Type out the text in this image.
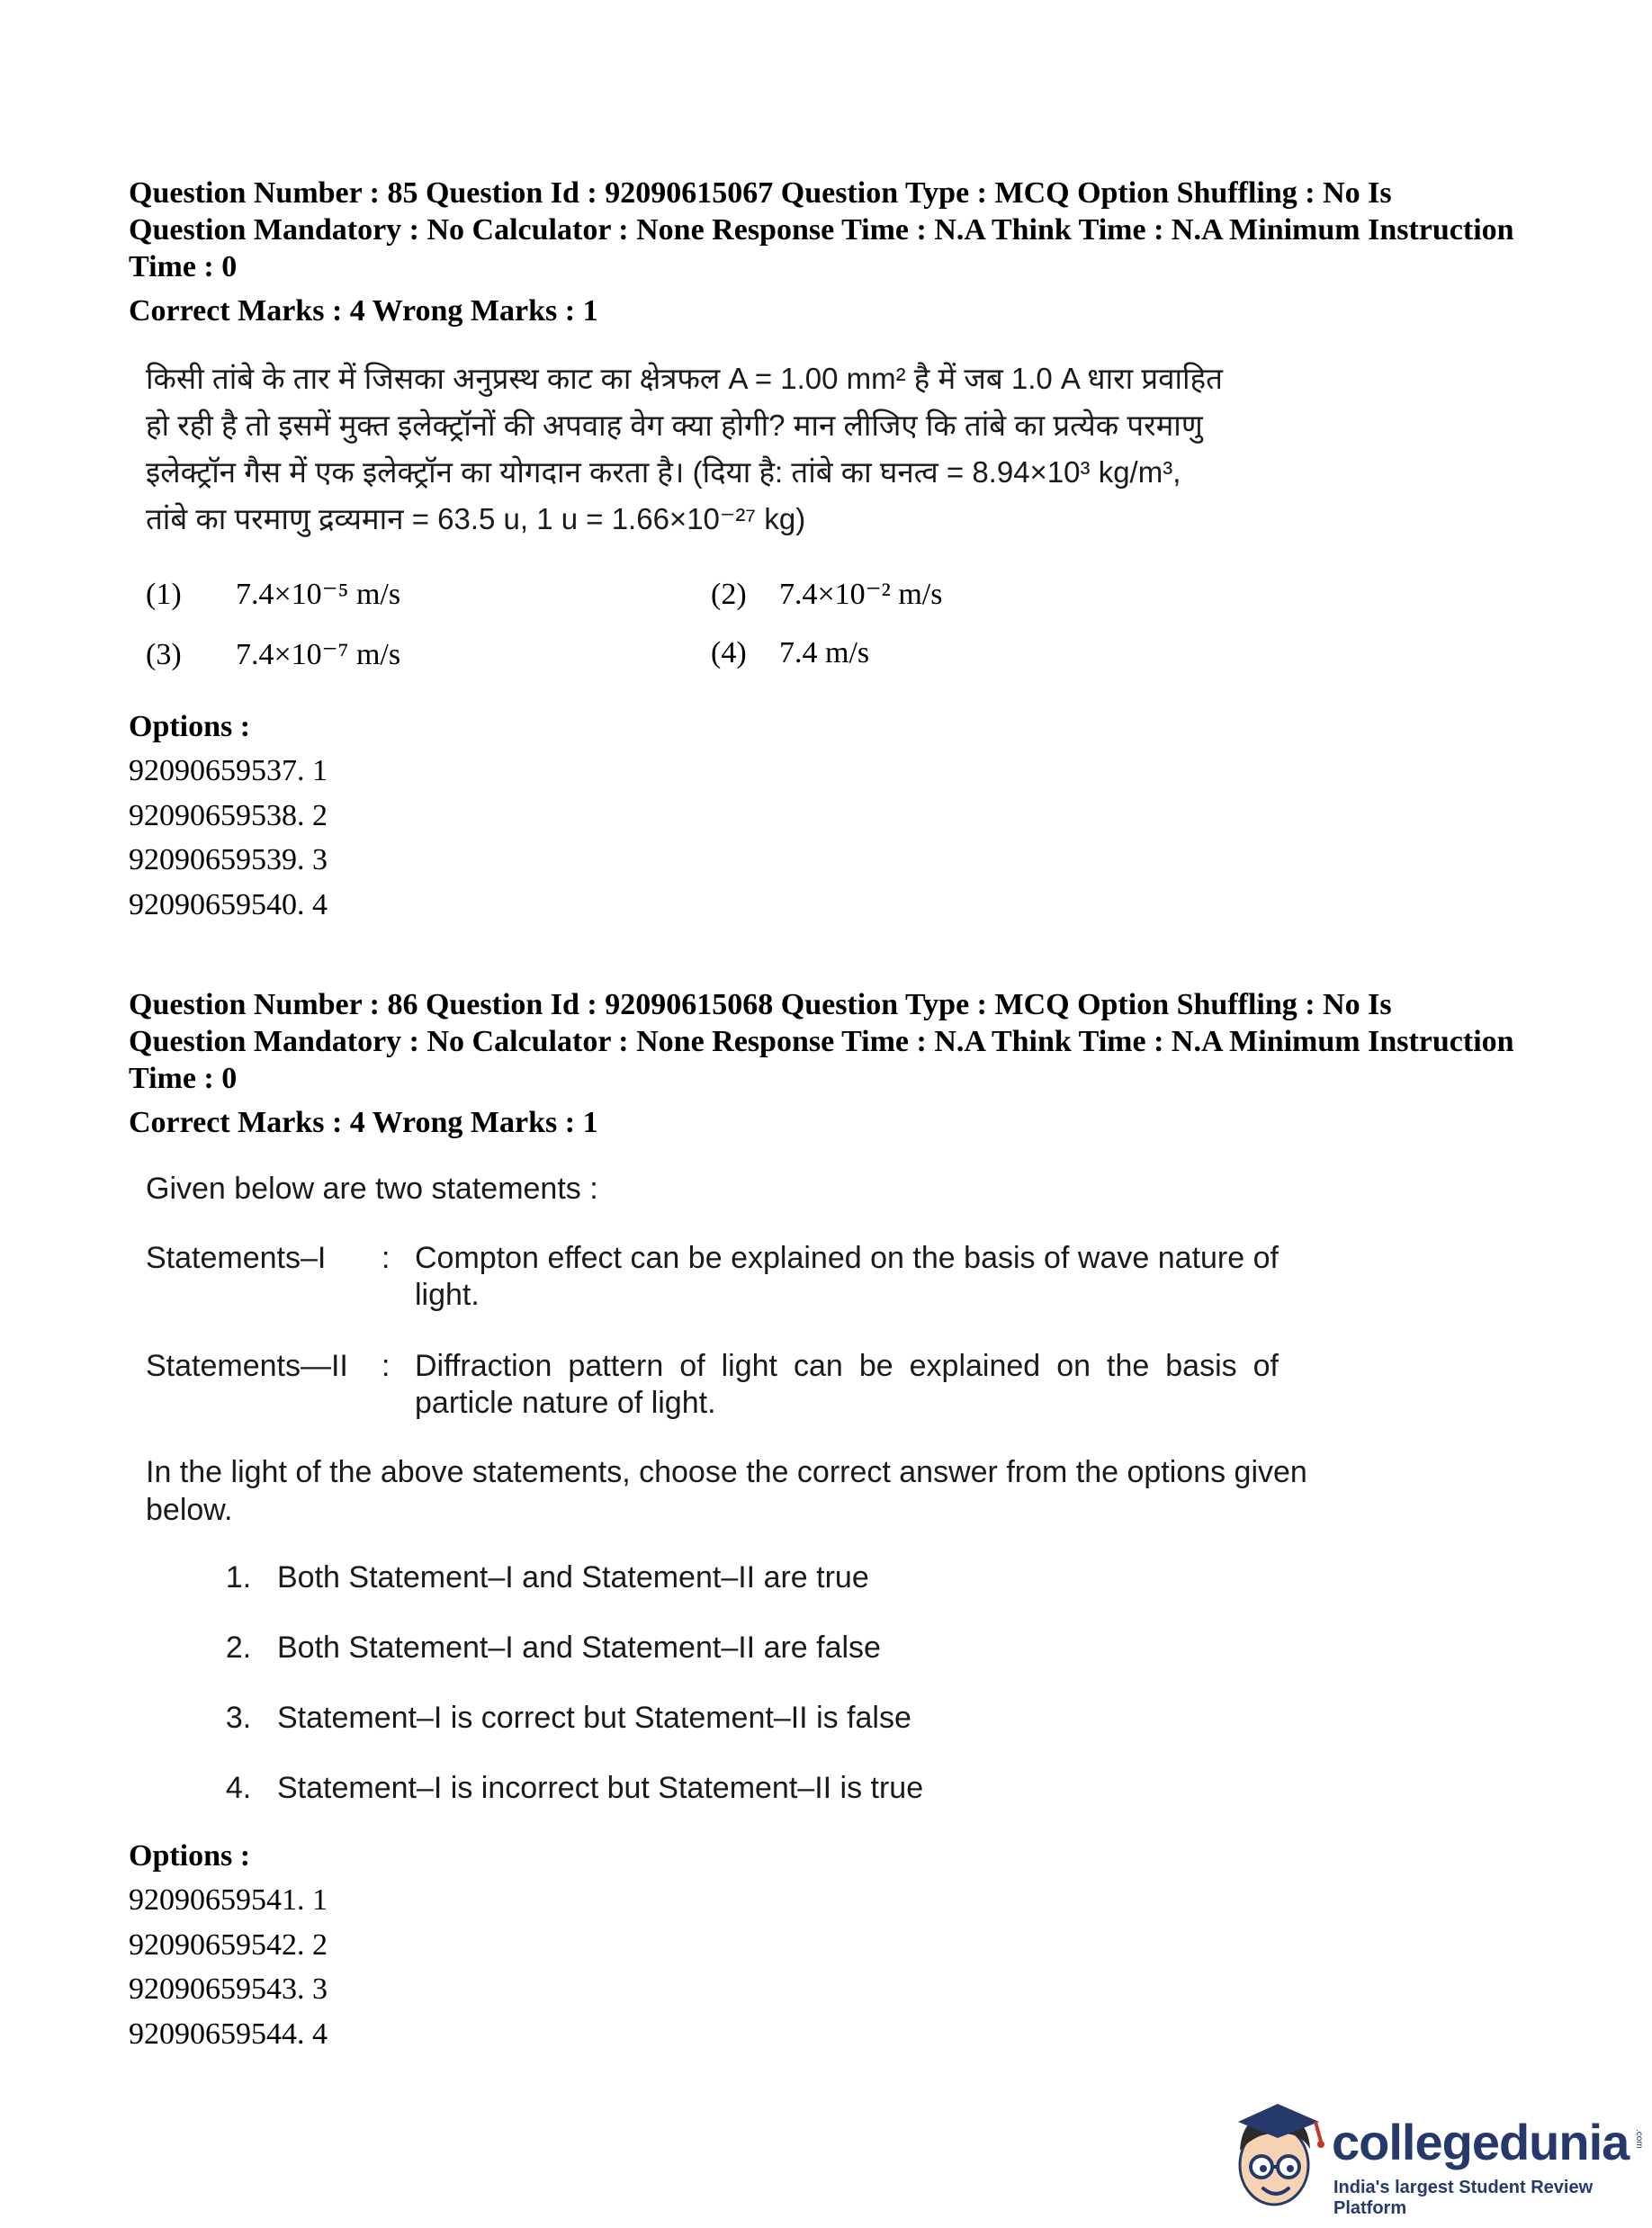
Question Number : 85 Question Id : 92090615067 Question Type : MCQ Option Shuffling : No Is Question Mandatory : No Calculator : None Response Time : N.A Think Time : N.A Minimum Instruction Time : 0
Correct Marks : 4 Wrong Marks : 1

किसी तांबे के तार में जिसका अनुप्रस्थ काट का क्षेत्रफल A = 1.00 mm² है में जब 1.0 A धारा प्रवाहित

हो रही है तो इसमें मुक्त इलेक्ट्रॉनों की अपवाह वेग क्या होगी? मान लीजिए कि तांबे का प्रत्येक परमाणु

इलेक्ट्रॉन गैस में एक इलेक्ट्रॉन का योगदान करता है। (दिया है: तांबे का घनत्व = 8.94×10³ kg/m³,

तांबे का परमाणु द्रव्यमान = 63.5 u, 1 u = 1.66×10⁻²⁷ kg)

(1) 7.4×10⁻⁵ m/s	(2) 7.4×10⁻² m/s
(3) 7.4×10⁻⁷ m/s	(4) 7.4 m/s
Options :
92090659537. 1
92090659538. 2
92090659539. 3
92090659540. 4
Question Number : 86 Question Id : 92090615068 Question Type : MCQ Option Shuffling : No Is Question Mandatory : No Calculator : None Response Time : N.A Think Time : N.A Minimum Instruction Time : 0
Correct Marks : 4 Wrong Marks : 1

Given below are two statements :

Statements–I : Compton effect can be explained on the basis of wave nature of light.
Statements—II : Diffraction pattern of light can be explained on the basis of particle nature of light.

In the light of the above statements, choose the correct answer from the options given below.

1. Both Statement–I and Statement–II are true
2. Both Statement–I and Statement–II are false
3. Statement–I is correct but Statement–II is false
4. Statement–I is incorrect but Statement–II is true
Options :
92090659541. 1
92090659542. 2
92090659543. 3
92090659544. 4
collegedunia .com
India's largest Student Review Platform
